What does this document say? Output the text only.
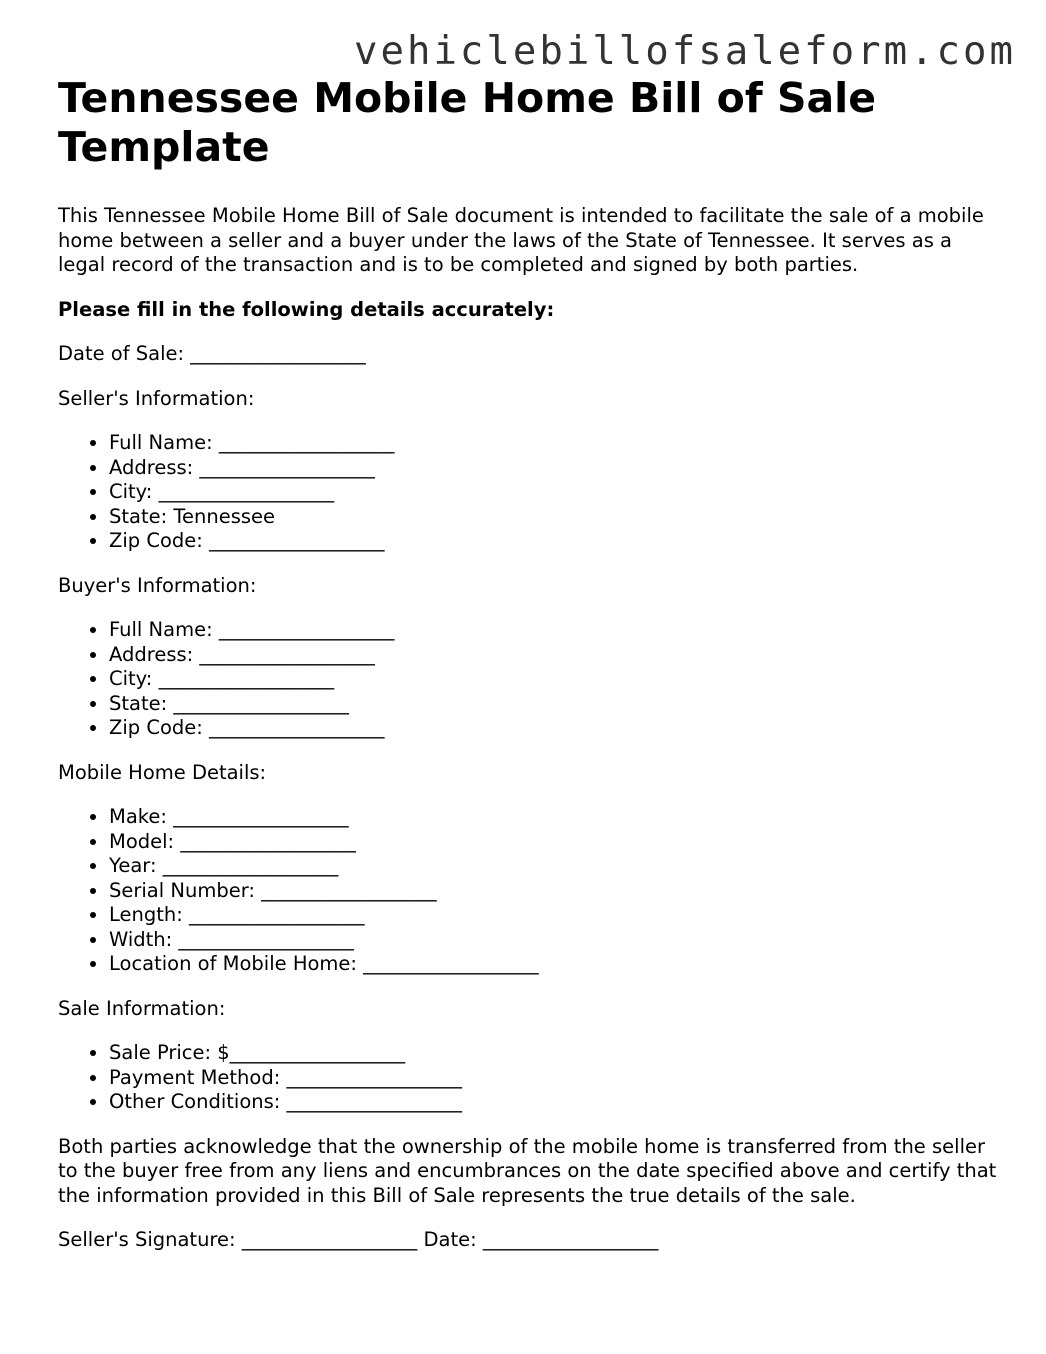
vehiclebillofsaleform.com
Tennessee Mobile Home Bill of Sale Template

This Tennessee Mobile Home Bill of Sale document is intended to facilitate the sale of a mobile home between a seller and a buyer under the laws of the State of Tennessee. It serves as a legal record of the transaction and is to be completed and signed by both parties.

Please fill in the following details accurately:

Date of Sale: __________________

Seller's Information:

• Full Name: __________________
• Address: __________________
• City: __________________
• State: Tennessee
• Zip Code: __________________

Buyer's Information:

• Full Name: __________________
• Address: __________________
• City: __________________
• State: __________________
• Zip Code: __________________

Mobile Home Details:

• Make: __________________
• Model: __________________
• Year: __________________
• Serial Number: __________________
• Length: __________________
• Width: __________________
• Location of Mobile Home: __________________

Sale Information:

• Sale Price: $__________________
• Payment Method: __________________
• Other Conditions: __________________

Both parties acknowledge that the ownership of the mobile home is transferred from the seller to the buyer free from any liens and encumbrances on the date specified above and certify that the information provided in this Bill of Sale represents the true details of the sale.

Seller's Signature: __________________ Date: __________________
